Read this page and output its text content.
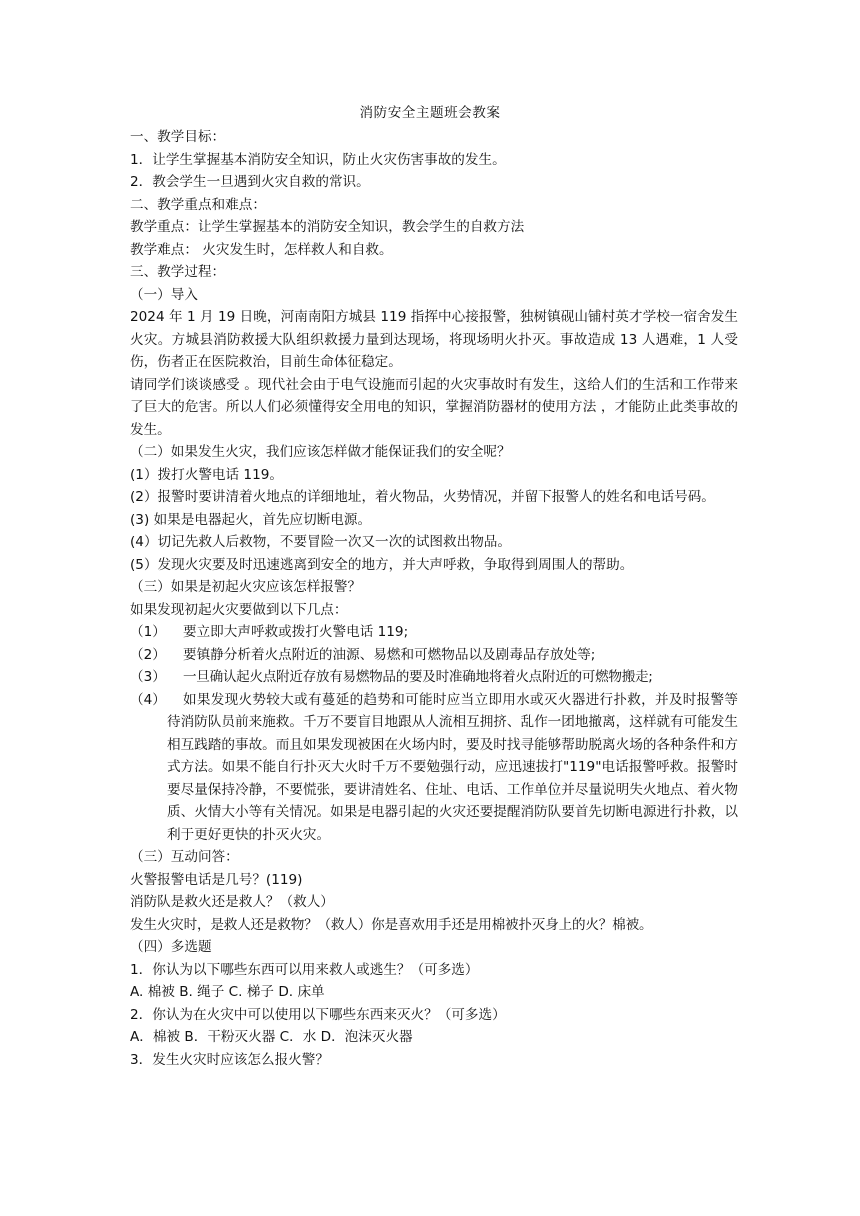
消防安全主题班会教案
一、教学目标：
1．让学生掌握基本消防安全知识，防止火灾伤害事故的发生。
2．教会学生一旦遇到火灾自救的常识。
二、教学重点和难点：
教学重点：让学生掌握基本的消防安全知识，教会学生的自救方法
教学难点： 火灾发生时，怎样救人和自救。
三、教学过程：
（一）导入
2024 年 1 月 19 日晚，河南南阳方城县 119 指挥中心接报警，独树镇砚山铺村英才学校一宿舍发生火灾。方城县消防救援大队组织救援力量到达现场，将现场明火扑灭。事故造成 13 人遇难，1 人受伤，伤者正在医院救治，目前生命体征稳定。
请同学们谈谈感受 。现代社会由于电气设施而引起的火灾事故时有发生，这给人们的生活和工作带来了巨大的危害。所以人们必须懂得安全用电的知识，掌握消防器材的使用方法 ，才能防止此类事故的发生。
（二）如果发生火灾，我们应该怎样做才能保证我们的安全呢？
(1）拨打火警电话 119。
(2）报警时要讲清着火地点的详细地址，着火物品，火势情况，并留下报警人的姓名和电话号码。
(3) 如果是电器起火，首先应切断电源。
(4）切记先救人后救物，不要冒险一次又一次的试图救出物品。
(5）发现火灾要及时迅速逃离到安全的地方，并大声呼救，争取得到周围人的帮助。
（三）如果是初起火灾应该怎样报警？
如果发现初起火灾要做到以下几点：
（1） 要立即大声呼救或拨打火警电话 119;
（2） 要镇静分析着火点附近的油源、易燃和可燃物品以及剧毒品存放处等;
（3） 一旦确认起火点附近存放有易燃物品的要及时准确地将着火点附近的可燃物搬走;
（4） 如果发现火势较大或有蔓延的趋势和可能时应当立即用水或灭火器进行扑救，并及时报警等待消防队员前来施救。千万不要盲目地跟从人流相互拥挤、乱作一团地撤离，这样就有可能发生相互践踏的事故。而且如果发现被困在火场内时，要及时找寻能够帮助脱离火场的各种条件和方式方法。如果不能自行扑灭大火时千万不要勉强行动，应迅速拔打"119"电话报警呼救。报警时要尽量保持冷静，不要慌张，要讲清姓名、住址、电话、工作单位并尽量说明失火地点、着火物质、火情大小等有关情况。如果是电器引起的火灾还要提醒消防队要首先切断电源进行扑救，以利于更好更快的扑灭火灾。
（三）互动问答：
火警报警电话是几号？(119)
消防队是救火还是救人？（救人）
发生火灾时，是救人还是救物？（救人）你是喜欢用手还是用棉被扑灭身上的火？棉被。
（四）多选题
1．你认为以下哪些东西可以用来救人或逃生？（可多选）
A. 棉被 B. 绳子 C. 梯子 D. 床单
2．你认为在火灾中可以使用以下哪些东西来灭火？（可多选）
A．棉被 B．干粉灭火器 C．水 D．泡沫灭火器
3．发生火灾时应该怎么报火警？
